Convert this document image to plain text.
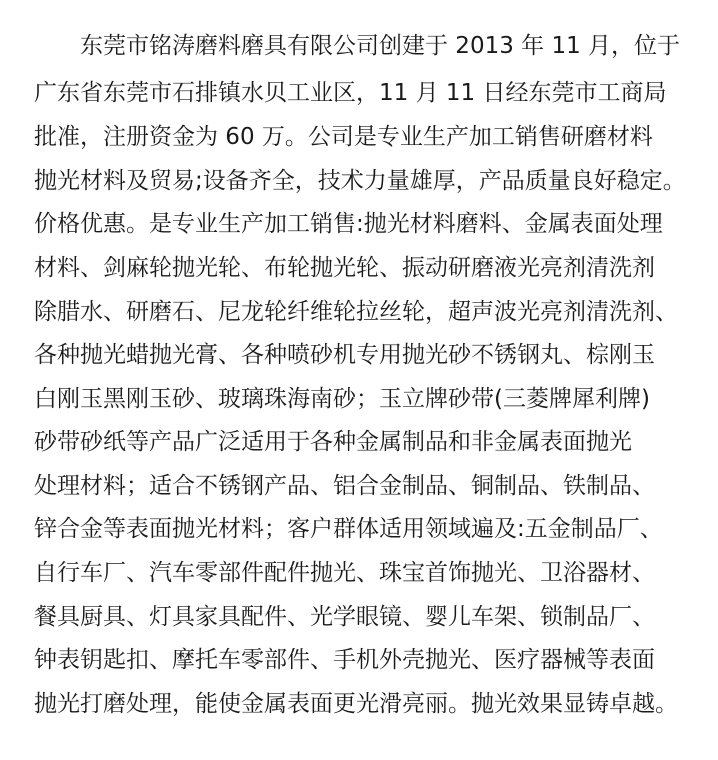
东莞市铭涛磨料磨具有限公司创建于 2013 年 11 月，位于
广东省东莞市石排镇水贝工业区，11 月 11 日经东莞市工商局
批准，注册资金为 60 万。公司是专业生产加工销售研磨材料
抛光材料及贸易;设备齐全，技术力量雄厚，产品质量良好稳定。
价格优惠。是专业生产加工销售:抛光材料磨料、金属表面处理
材料、剑麻轮抛光轮、布轮抛光轮、振动研磨液光亮剂清洗剂
除腊水、研磨石、尼龙轮纤维轮拉丝轮，超声波光亮剂清洗剂、
各种抛光蜡抛光膏、各种喷砂机专用抛光砂不锈钢丸、棕刚玉
白刚玉黑刚玉砂、玻璃珠海南砂；玉立牌砂带(三菱牌犀利牌)
砂带砂纸等产品广泛适用于各种金属制品和非金属表面抛光
处理材料；适合不锈钢产品、铝合金制品、铜制品、铁制品、
锌合金等表面抛光材料；客户群体适用领域遍及:五金制品厂、
自行车厂、汽车零部件配件抛光、珠宝首饰抛光、卫浴器材、
餐具厨具、灯具家具配件、光学眼镜、婴儿车架、锁制品厂、
钟表钥匙扣、摩托车零部件、手机外壳抛光、医疗器械等表面
抛光打磨处理，能使金属表面更光滑亮丽。抛光效果显铸卓越。
